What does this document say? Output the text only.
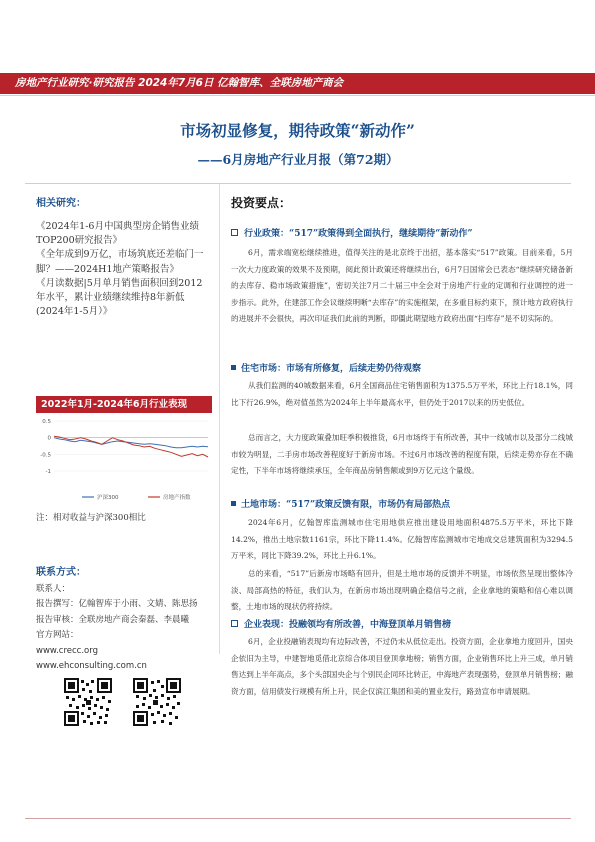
房地产行业研究·研究报告 2024年7月6日 亿翰智库、全联房地产商会
市场初显修复，期待政策“新动作”
——6月房地产行业月报（第72期）
相关研究：
《2024年1-6月中国典型房企销售业绩TOP200研究报告》
《全年成到9万亿，市场筑底还差临门一脚？——2024H1地产策略报告》
《月读数据|5月单月销售面积回到2012年水平，累计业绩继续维持8年新低(2024年1-5月）》
2022年1月-2024年6月行业表现
0.5
0
-0.5
-1
沪深300	房地产指数
注：相对收益与沪深300相比
联系方式：
联系人：
报告撰写：亿翰智库于小雨、文婧、陈思扬
报告审核：全联房地产商会秦磊、李晨曦
官方网站：
www.crecc.org
www.ehconsulting.com.cn
投资要点：
行业政策：“517”政策得到全面执行，继续期待“新动作”
6月，需求端宽松继续推进，值得关注的是北京终于出招，基本落实“517”政策。目前来看，5月一次大力度政策的效果不及预期，阅此预计政策还将继续出台，6月7日国常会已表态“继续研究储备新的去库存、稳市场政策措施”，密切关注7月二十届三中全会对于房地产行业的定调和行业调控的进一步指示。此外，住建部工作会议继续明晰“去库存”的实施框架，在多重目标约束下，预计地方政府执行的进展并不会很快，再次印证我们此前的判断，即僵此期望地方政府出面“扫库存”是不切实际的。
住宅市场：市场有所修复，后续走势仍待观察
从我们监测的40城数据来看，6月全国商品住宅销售面积为1375.5万平米，环比上行18.1%，同比下行26.9%，绝对值虽然为2024年上半年最高水平，但仍处于2017以来的历史低位。
总而言之，大力度政策叠加旺季积极推货，6月市场终于有所改善，其中一线城市以及部分二线城市较为明显，二手房市场改善程度好于新房市场。不过6月市场改善的程度有限，后续走势亦存在不确定性，下半年市场将继续承压，全年商品房销售额或到9万亿元这个量级。
土地市场：“517”政策反馈有限，市场仍有局部热点
2024年6月，亿翰智库监测城市住宅用地供应推出建设用地面积4875.5万平米，环比下降14.2%，推出土地宗数1161宗，环比下降11.4%。亿翰智库监测城市宅地成交总建筑面积为3294.5万平米，同比下降39.2%，环比上升6.1%。
总的来看，“517”后新房市场略有回升，但是土地市场的反馈并不明显，市场依然呈现出整体冷淡、局部高热的特征，我们认为，在新房市场出现明确企稳信号之前，企业拿地的策略和信心难以调整，土地市场的现状仍将持续。
企业表现：投融领均有所改善，中海登顶单月销售榜
6月，企业投融销表现均有边际改善，不过仍未从低位走出。投资方面，企业拿地力度回升，国央企依旧为主导，中建智地觅借北京综合体项目登顶拿地榜；销售方面，企业销售环比上升三成，单月销售达到上半年高点，多个头部国央企与个别民企同环比转正，中海地产表现强势，登顶单月销售榜；融资方面，信用债发行规模有所上升，民企仅滨江集团和美的置业发行，路劲宣布申请展期。
